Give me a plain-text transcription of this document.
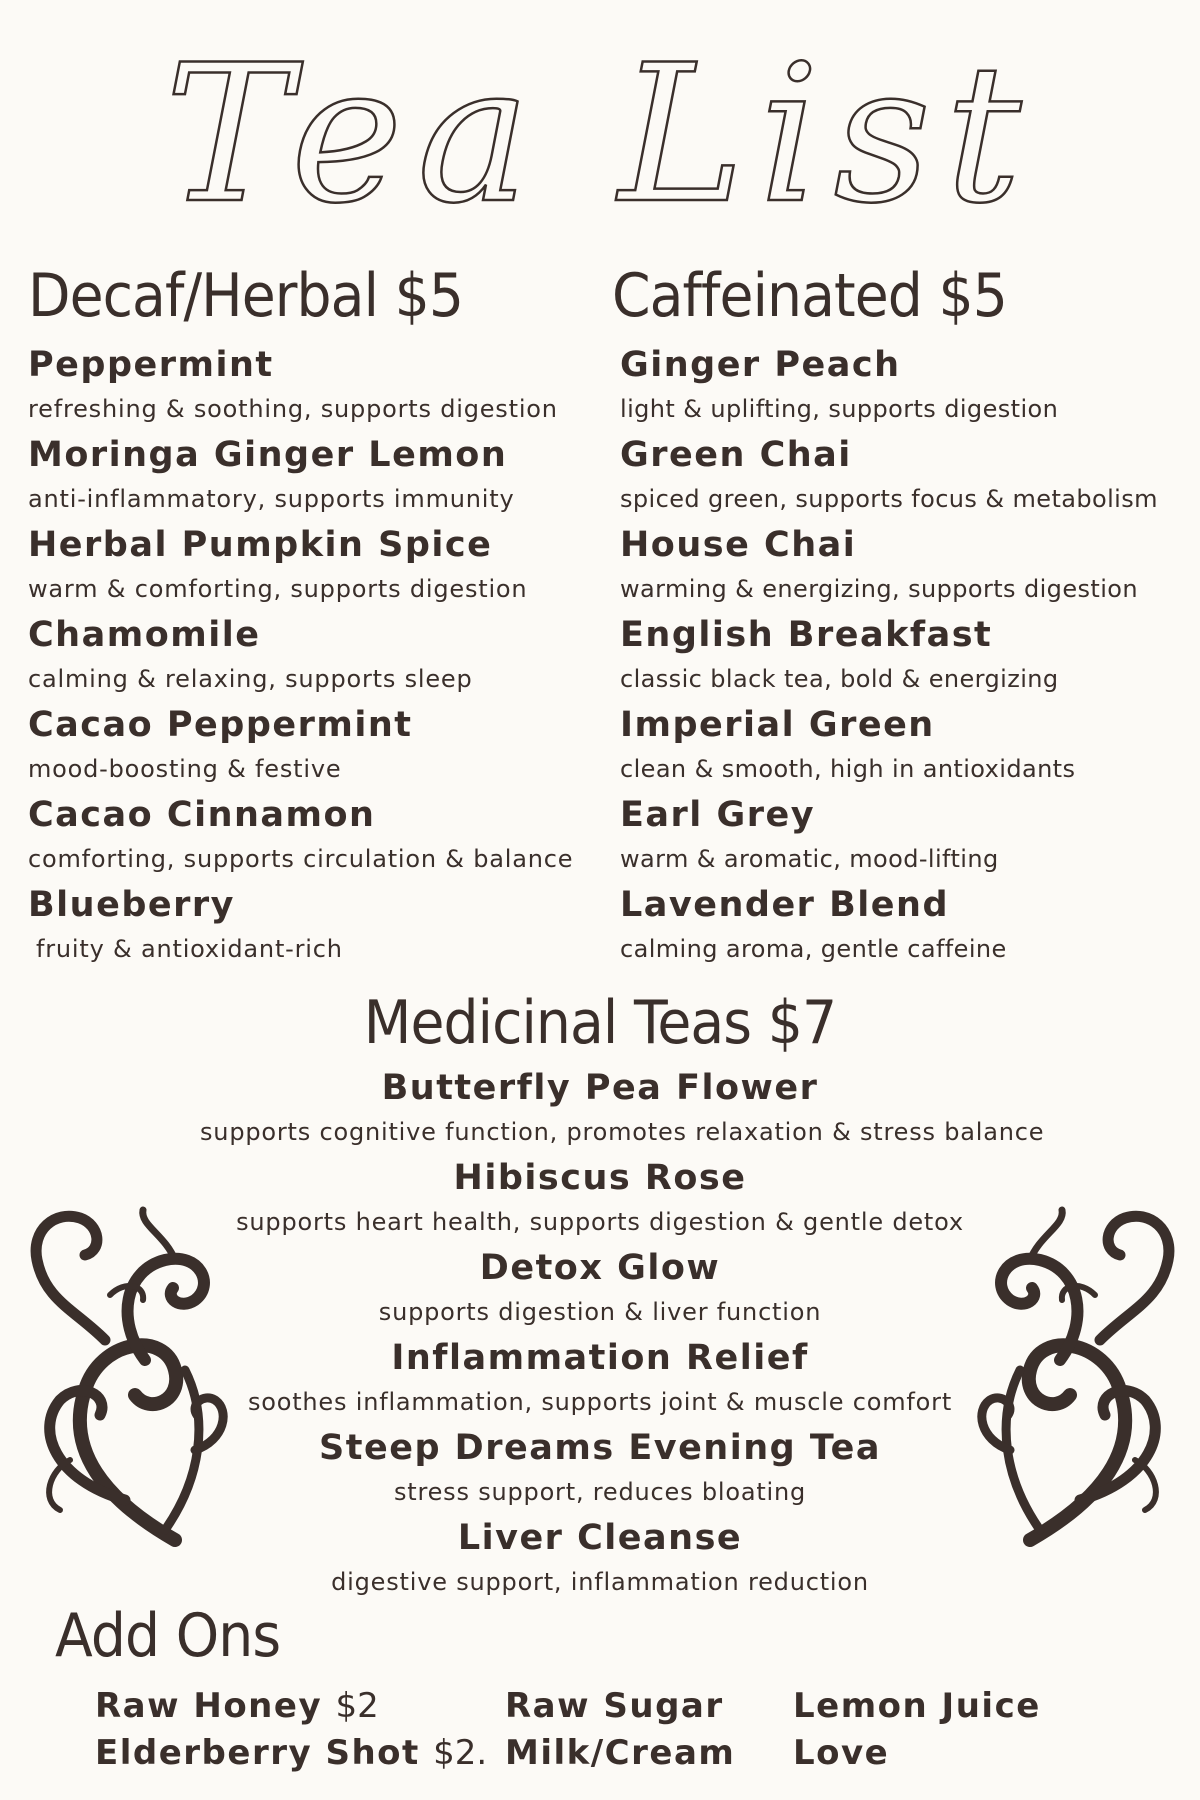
Tea List
Decaf/Herbal $5
Peppermint
refreshing & soothing, supports digestion
Moringa Ginger Lemon
anti-inflammatory, supports immunity
Herbal Pumpkin Spice
warm & comforting, supports digestion
Chamomile
calming & relaxing, supports sleep
Cacao Peppermint
mood-boosting & festive
Cacao Cinnamon
comforting, supports circulation & balance
Blueberry
fruity & antioxidant-rich
Caffeinated $5
Ginger Peach
light & uplifting, supports digestion
Green Chai
spiced green, supports focus & metabolism
House Chai
warming & energizing, supports digestion
English Breakfast
classic black tea, bold & energizing
Imperial Green
clean & smooth, high in antioxidants
Earl Grey
warm & aromatic, mood-lifting
Lavender Blend
calming aroma, gentle caffeine
Medicinal Teas $7
Butterfly Pea Flower
supports cognitive function, promotes relaxation & stress balance
Hibiscus Rose
supports heart health, supports digestion & gentle detox
Detox Glow
supports digestion & liver function
Inflammation Relief
soothes inflammation, supports joint & muscle comfort
Steep Dreams Evening Tea
stress support, reduces bloating
Liver Cleanse
digestive support, inflammation reduction
Add Ons
Raw Honey $2
Elderberry Shot $2.
Raw Sugar
Milk/Cream
Lemon Juice
Love
